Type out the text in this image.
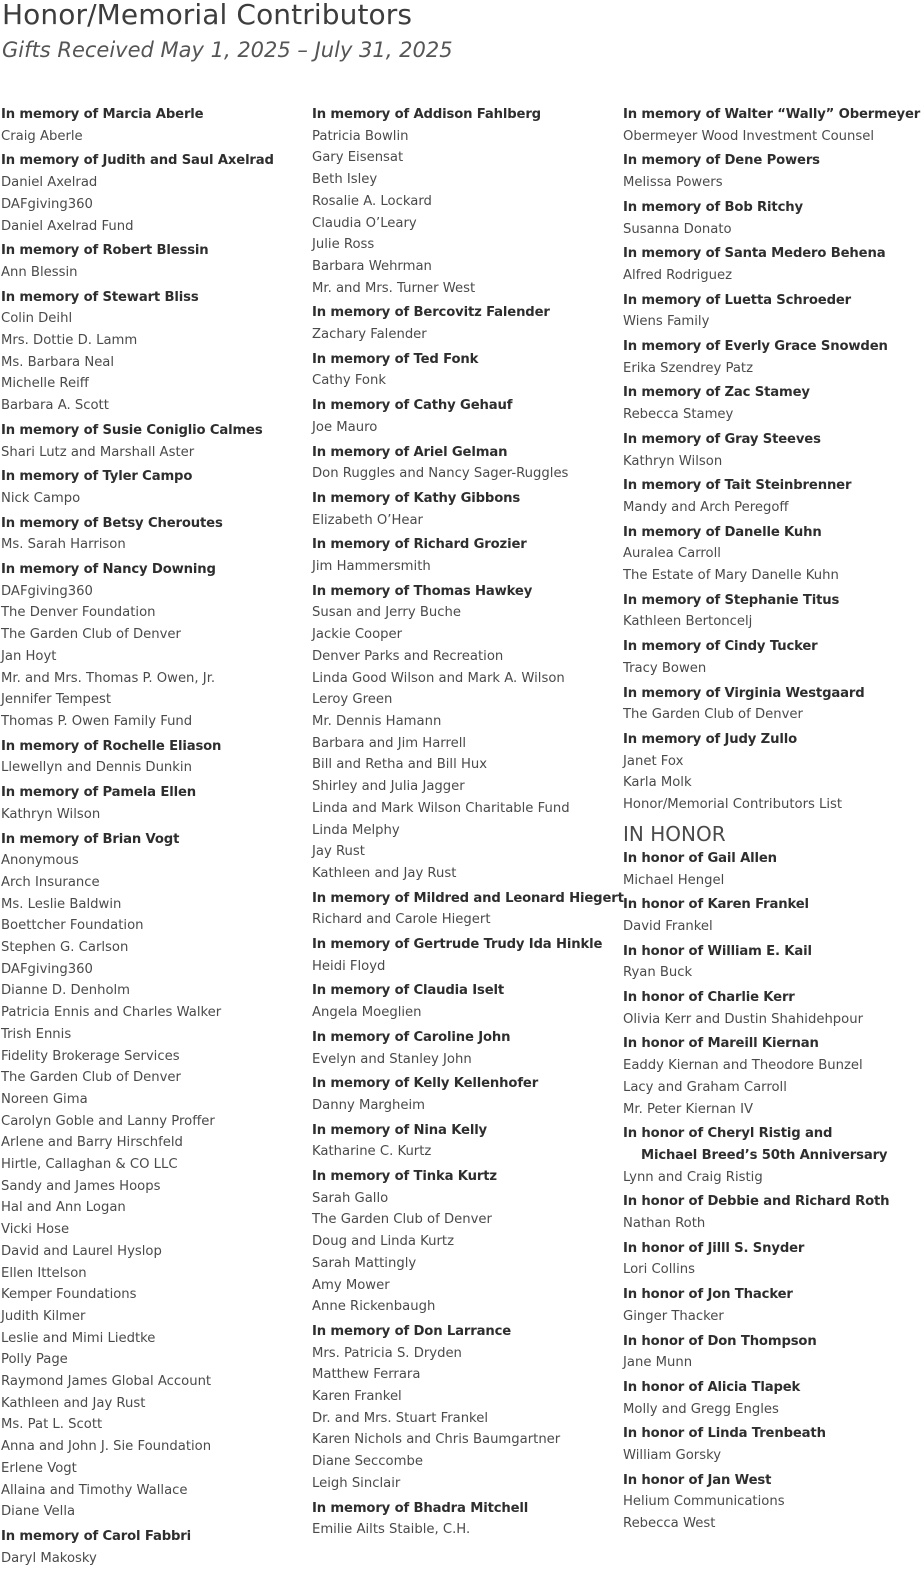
Honor/Memorial Contributors
Gifts Received May 1, 2025 – July 31, 2025
In memory of Marcia Aberle
Craig Aberle
In memory of Judith and Saul Axelrad
Daniel Axelrad
DAFgiving360
Daniel Axelrad Fund
In memory of Robert Blessin
Ann Blessin
In memory of Stewart Bliss
Colin Deihl
Mrs. Dottie D. Lamm
Ms. Barbara Neal
Michelle Reiff
Barbara A. Scott
In memory of Susie Coniglio Calmes
Shari Lutz and Marshall Aster
In memory of Tyler Campo
Nick Campo
In memory of Betsy Cheroutes
Ms. Sarah Harrison
In memory of Nancy Downing
DAFgiving360
The Denver Foundation
The Garden Club of Denver
Jan Hoyt
Mr. and Mrs. Thomas P. Owen, Jr.
Jennifer Tempest
Thomas P. Owen Family Fund
In memory of Rochelle Eliason
Llewellyn and Dennis Dunkin
In memory of Pamela Ellen
Kathryn Wilson
In memory of Brian Vogt
Anonymous
Arch Insurance
Ms. Leslie Baldwin
Boettcher Foundation
Stephen G. Carlson
DAFgiving360
Dianne D. Denholm
Patricia Ennis and Charles Walker
Trish Ennis
Fidelity Brokerage Services
The Garden Club of Denver
Noreen Gima
Carolyn Goble and Lanny Proffer
Arlene and Barry Hirschfeld
Hirtle, Callaghan & CO LLC
Sandy and James Hoops
Hal and Ann Logan
Vicki Hose
David and Laurel Hyslop
Ellen Ittelson
Kemper Foundations
Judith Kilmer
Leslie and Mimi Liedtke
Polly Page
Raymond James Global Account
Kathleen and Jay Rust
Ms. Pat L. Scott
Anna and John J. Sie Foundation
Erlene Vogt
Allaina and Timothy Wallace
Diane Vella
In memory of Carol Fabbri
Daryl Makosky
In memory of Addison Fahlberg
Patricia Bowlin
Gary Eisensat
Beth Isley
Rosalie A. Lockard
Claudia O’Leary
Julie Ross
Barbara Wehrman
Mr. and Mrs. Turner West
In memory of Bercovitz Falender
Zachary Falender
In memory of Ted Fonk
Cathy Fonk
In memory of Cathy Gehauf
Joe Mauro
In memory of Ariel Gelman
Don Ruggles and Nancy Sager-Ruggles
In memory of Kathy Gibbons
Elizabeth O’Hear
In memory of Richard Grozier
Jim Hammersmith
In memory of Thomas Hawkey
Susan and Jerry Buche
Jackie Cooper
Denver Parks and Recreation
Linda Good Wilson and Mark A. Wilson
Leroy Green
Mr. Dennis Hamann
Barbara and Jim Harrell
Bill and Retha and Bill Hux
Shirley and Julia Jagger
Linda and Mark Wilson Charitable Fund
Linda Melphy
Jay Rust
Kathleen and Jay Rust
In memory of Mildred and Leonard Hiegert
Richard and Carole Hiegert
In memory of Gertrude Trudy Ida Hinkle
Heidi Floyd
In memory of Claudia Iselt
Angela Moeglien
In memory of Caroline John
Evelyn and Stanley John
In memory of Kelly Kellenhofer
Danny Margheim
In memory of Nina Kelly
Katharine C. Kurtz
In memory of Tinka Kurtz
Sarah Gallo
The Garden Club of Denver
Doug and Linda Kurtz
Sarah Mattingly
Amy Mower
Anne Rickenbaugh
In memory of Don Larrance
Mrs. Patricia S. Dryden
Matthew Ferrara
Karen Frankel
Dr. and Mrs. Stuart Frankel
Karen Nichols and Chris Baumgartner
Diane Seccombe
Leigh Sinclair
In memory of Bhadra Mitchell
Emilie Ailts Staible, C.H.
In memory of Walter “Wally” Obermeyer
Obermeyer Wood Investment Counsel
In memory of Dene Powers
Melissa Powers
In memory of Bob Ritchy
Susanna Donato
In memory of Santa Medero Behena
Alfred Rodriguez
In memory of Luetta Schroeder
Wiens Family
In memory of Everly Grace Snowden
Erika Szendrey Patz
In memory of Zac Stamey
Rebecca Stamey
In memory of Gray Steeves
Kathryn Wilson
In memory of Tait Steinbrenner
Mandy and Arch Peregoff
In memory of Danelle Kuhn
Auralea Carroll
The Estate of Mary Danelle Kuhn
In memory of Stephanie Titus
Kathleen Bertoncelj
In memory of Cindy Tucker
Tracy Bowen
In memory of Virginia Westgaard
The Garden Club of Denver
In memory of Judy Zullo
Janet Fox
Karla Molk
Honor/Memorial Contributors List
IN HONOR
In honor of Gail Allen
Michael Hengel
In honor of Karen Frankel
David Frankel
In honor of William E. Kail
Ryan Buck
In honor of Charlie Kerr
Olivia Kerr and Dustin Shahidehpour
In honor of Mareill Kiernan
Eaddy Kiernan and Theodore Bunzel
Lacy and Graham Carroll
Mr. Peter Kiernan IV
In honor of Cheryl Ristig and
Michael Breed’s 50th Anniversary
Lynn and Craig Ristig
In honor of Debbie and Richard Roth
Nathan Roth
In honor of Jilll S. Snyder
Lori Collins
In honor of Jon Thacker
Ginger Thacker
In honor of Don Thompson
Jane Munn
In honor of Alicia Tlapek
Molly and Gregg Engles
In honor of Linda Trenbeath
William Gorsky
In honor of Jan West
Helium Communications
Rebecca West
